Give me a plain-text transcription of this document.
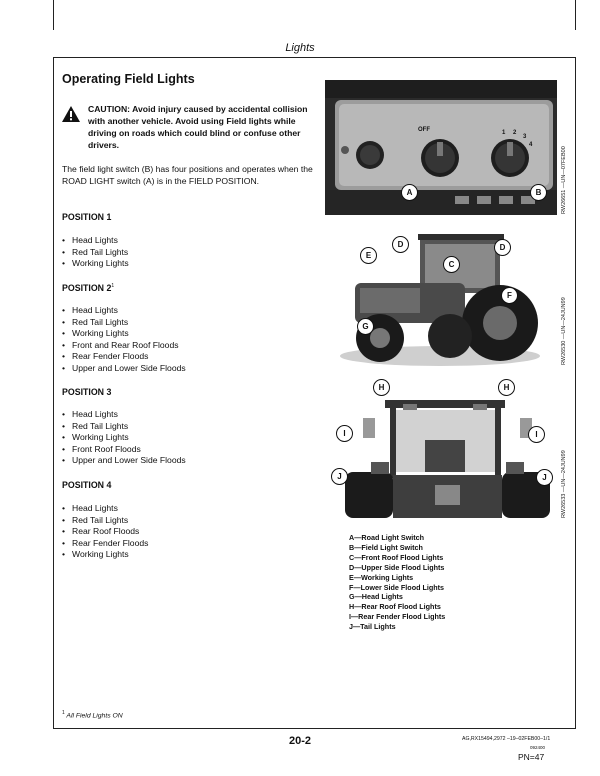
Lights
Operating Field Lights
CAUTION: Avoid injury caused by accidental collision with another vehicle. Avoid using Field lights while driving on roads which could blind or confuse other drivers.
The field light switch (B) has four positions and operates when the ROAD LIGHT switch (A) is in the FIELD POSITION.
POSITION 1
• Head Lights
• Red Tail Lights
• Working Lights
POSITION $2^1$
• Head Lights
• Red Tail Lights
• Working Lights
• Front and Rear Roof Floods
• Rear Fender Floods
• Upper and Lower Side Floods
POSITION 3
• Head Lights
• Red Tail Lights
• Working Lights
• Front Roof Floods
• Upper and Lower Side Floods
POSITION 4
• Head Lights
• Red Tail Lights
• Rear Roof Floods
• Rear Fender Floods
• Working Lights
OFF	1 2
3
4
A	B	RW26651 —UN—07FEB00
D	D
E
C
F
G	RW26530 —UN—24JUN99
H	H
I	I
J	J	RW26533 —UN—24JUN99
A—Road Light Switch
B—Field Light Switch
C—Front Roof Flood Lights
D—Upper Side Flood Lights
E—Working Lights
F—Lower Side Flood Lights
G—Head Lights
H—Rear Roof Flood Lights
I—Rear Fender Flood Lights
J—Tail Lights
$^1$ All Field Lights ON
AG,RX15494,2972 –19–02FEB00–1/1
20-2
092400
PN=47
